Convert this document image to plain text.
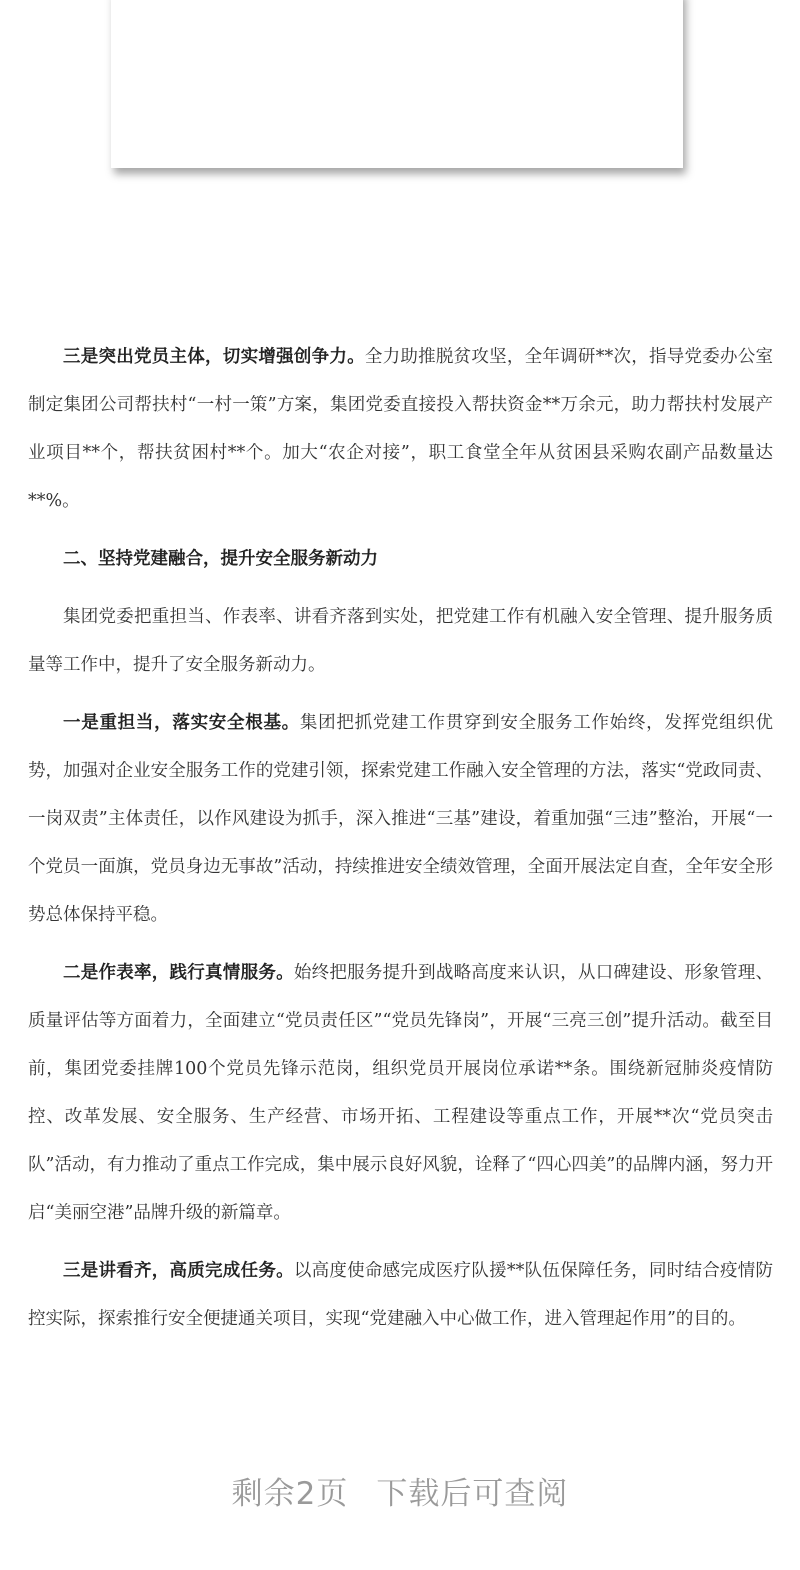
三是突出党员主体，切实增强创争力。全力助推脱贫攻坚，全年调研**次，指导党委办公室制定集团公司帮扶村“一村一策”方案，集团党委直接投入帮扶资金**万余元，助力帮扶村发展产业项目**个，帮扶贫困村**个。加大“农企对接”，职工食堂全年从贫困县采购农副产品数量达**%。

二、坚持党建融合，提升安全服务新动力

集团党委把重担当、作表率、讲看齐落到实处，把党建工作有机融入安全管理、提升服务质量等工作中，提升了安全服务新动力。

一是重担当，落实安全根基。集团把抓党建工作贯穿到安全服务工作始终，发挥党组织优势，加强对企业安全服务工作的党建引领，探索党建工作融入安全管理的方法，落实“党政同责、一岗双责”主体责任，以作风建设为抓手，深入推进“三基”建设，着重加强“三违”整治，开展“一个党员一面旗，党员身边无事故”活动，持续推进安全绩效管理，全面开展法定自查，全年安全形势总体保持平稳。

二是作表率，践行真情服务。始终把服务提升到战略高度来认识，从口碑建设、形象管理、质量评估等方面着力，全面建立“党员责任区”“党员先锋岗”，开展“三亮三创”提升活动。截至目前，集团党委挂牌100个党员先锋示范岗，组织党员开展岗位承诺**条。围绕新冠肺炎疫情防控、改革发展、安全服务、生产经营、市场开拓、工程建设等重点工作，开展**次“党员突击队”活动，有力推动了重点工作完成，集中展示良好风貌，诠释了“四心四美”的品牌内涵，努力开启“美丽空港”品牌升级的新篇章。

三是讲看齐，高质完成任务。以高度使命感完成医疗队援**队伍保障任务，同时结合疫情防控实际，探索推行安全便捷通关项目，实现“党建融入中心做工作，进入管理起作用”的目的。

剩余2页 下载后可查阅
